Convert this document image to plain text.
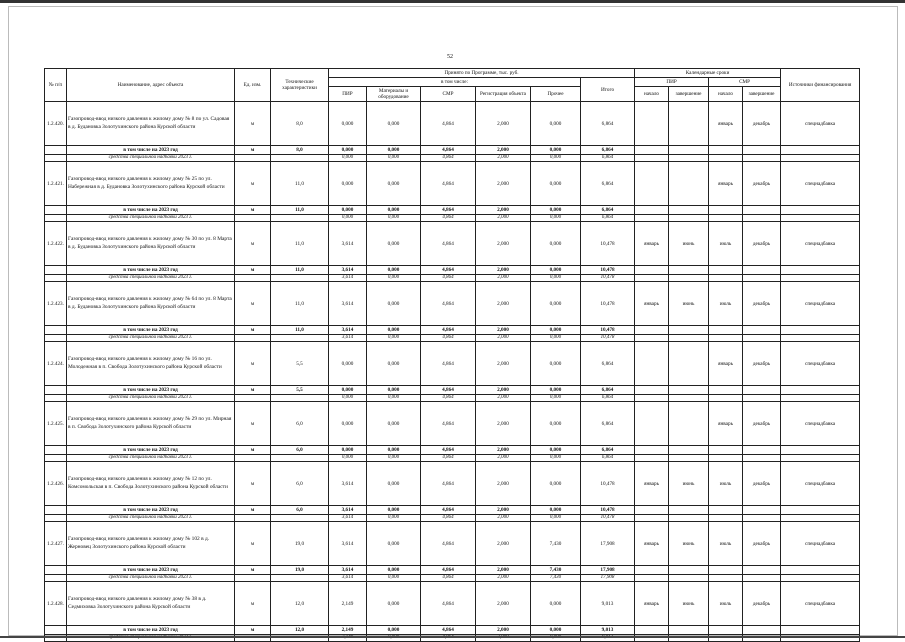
52
№ п/п	Наименование, адрес объекта	Ед. изм.	Технические характеристики	Принято по Программе, тыс. руб.						Календарные сроки				Источники финансирования
				в том числе:					Итого	ПИР		СМР		
				ПИР	Материалы и оборудование	СМР	Регистрация объекта	Прочее						
										начало	завершение	начало	завершение	
1.2.420.	Газопровод-ввод низкого давления к жилому дому № 8 по ул. Садовая в д. Будановка Золотухинского района Курской области	м	8,0	0,000	0,000	4,864	2,000	0,000	6,864			январь	декабрь	спецнадбавка
	в том числе на 2023 год	м	8,0	0,000	0,000	4,864	2,000	0,000	6,864					
	средства специальной надбавки 2023 г.			0,000	0,000	4,864	2,000	0,000	6,864					
1.2.421.	Газопровод-ввод низкого давления к жилому дому № 25 по ул. Набережная в д. Будановка Золотухинского района Курской области	м	11,0	0,000	0,000	4,864	2,000	0,000	6,864			январь	декабрь	спецнадбавка
	в том числе на 2023 год	м	11,0	0,000	0,000	4,864	2,000	0,000	6,864					
	средства специальной надбавки 2023 г.			0,000	0,000	4,864	2,000	0,000	6,864					
1.2.422.	Газопровод-ввод низкого давления к жилому дому № 30 по ул. 8 Марта в д. Будановка Золотухинского района Курской области	м	11,0	3,614	0,000	4,864	2,000	0,000	10,478	январь	июнь	июль	декабрь	спецнадбавка
	в том числе на 2023 год	м	11,0	3,614	0,000	4,864	2,000	0,000	10,478					
	средства специальной надбавки 2023 г.			3,614	0,000	4,864	2,000	0,000	10,478					
1.2.423.	Газопровод-ввод низкого давления к жилому дому № 64 по ул. 8 Марта в д. Будановка Золотухинского района Курской области	м	11,0	3,614	0,000	4,864	2,000	0,000	10,478	январь	июнь	июль	декабрь	спецнадбавка
	в том числе на 2023 год	м	11,0	3,614	0,000	4,864	2,000	0,000	10,478					
	средства специальной надбавки 2023 г.			3,614	0,000	4,864	2,000	0,000	10,478					
1.2.424.	Газопровод-ввод низкого давления к жилому дому № 16 по ул. Молодежная в п. Свобода Золотухинского района Курской области	м	5,5	0,000	0,000	4,864	2,000	0,000	6,864			январь	декабрь	спецнадбавка
	в том числе на 2023 год	м	5,5	0,000	0,000	4,864	2,000	0,000	6,864					
	средства специальной надбавки 2023 г.			0,000	0,000	4,864	2,000	0,000	6,864					
1.2.425.	Газопровод-ввод низкого давления к жилому дому № 29 по ул. Мирная в п. Свобода Золотухинского района Курской области	м	6,0	0,000	0,000	4,864	2,000	0,000	6,864			январь	декабрь	спецнадбавка
	в том числе на 2023 год	м	6,0	0,000	0,000	4,864	2,000	0,000	6,864					
	средства специальной надбавки 2023 г.			0,000	0,000	4,864	2,000	0,000	6,864					
1.2.426.	Газопровод-ввод низкого давления к жилому дому № 12 по ул. Комсомольская в п. Свобода Золотухинского района Курской области	м	6,0	3,614	0,000	4,864	2,000	0,000	10,478	январь	июнь	июль	декабрь	спецнадбавка
	в том числе на 2023 год	м	6,0	3,614	0,000	4,864	2,000	0,000	10,478					
	средства специальной надбавки 2023 г.			3,614	0,000	4,864	2,000	0,000	10,478					
1.2.427.	Газопровод-ввод низкого давления к жилому дому № 102 в д. Жерновец Золотухинского района Курской области	м	19,0	3,614	0,000	4,864	2,000	7,430	17,908	январь	июнь	июль	декабрь	спецнадбавка
	в том числе на 2023 год	м	19,0	3,614	0,000	4,864	2,000	7,430	17,908					
	средства специальной надбавки 2023 г.			3,614	0,000	4,864	2,000	7,430	17,908					
1.2.428.	Газопровод-ввод низкого давления к жилому дому № 38 в д. Седмиховка Золотухинского района Курской области	м	12,0	2,149	0,000	4,864	2,000	0,000	9,013	январь	июнь	июль	декабрь	спецнадбавка
	в том числе на 2023 год	м	12,0	2,149	0,000	4,864	2,000	0,000	9,013					
